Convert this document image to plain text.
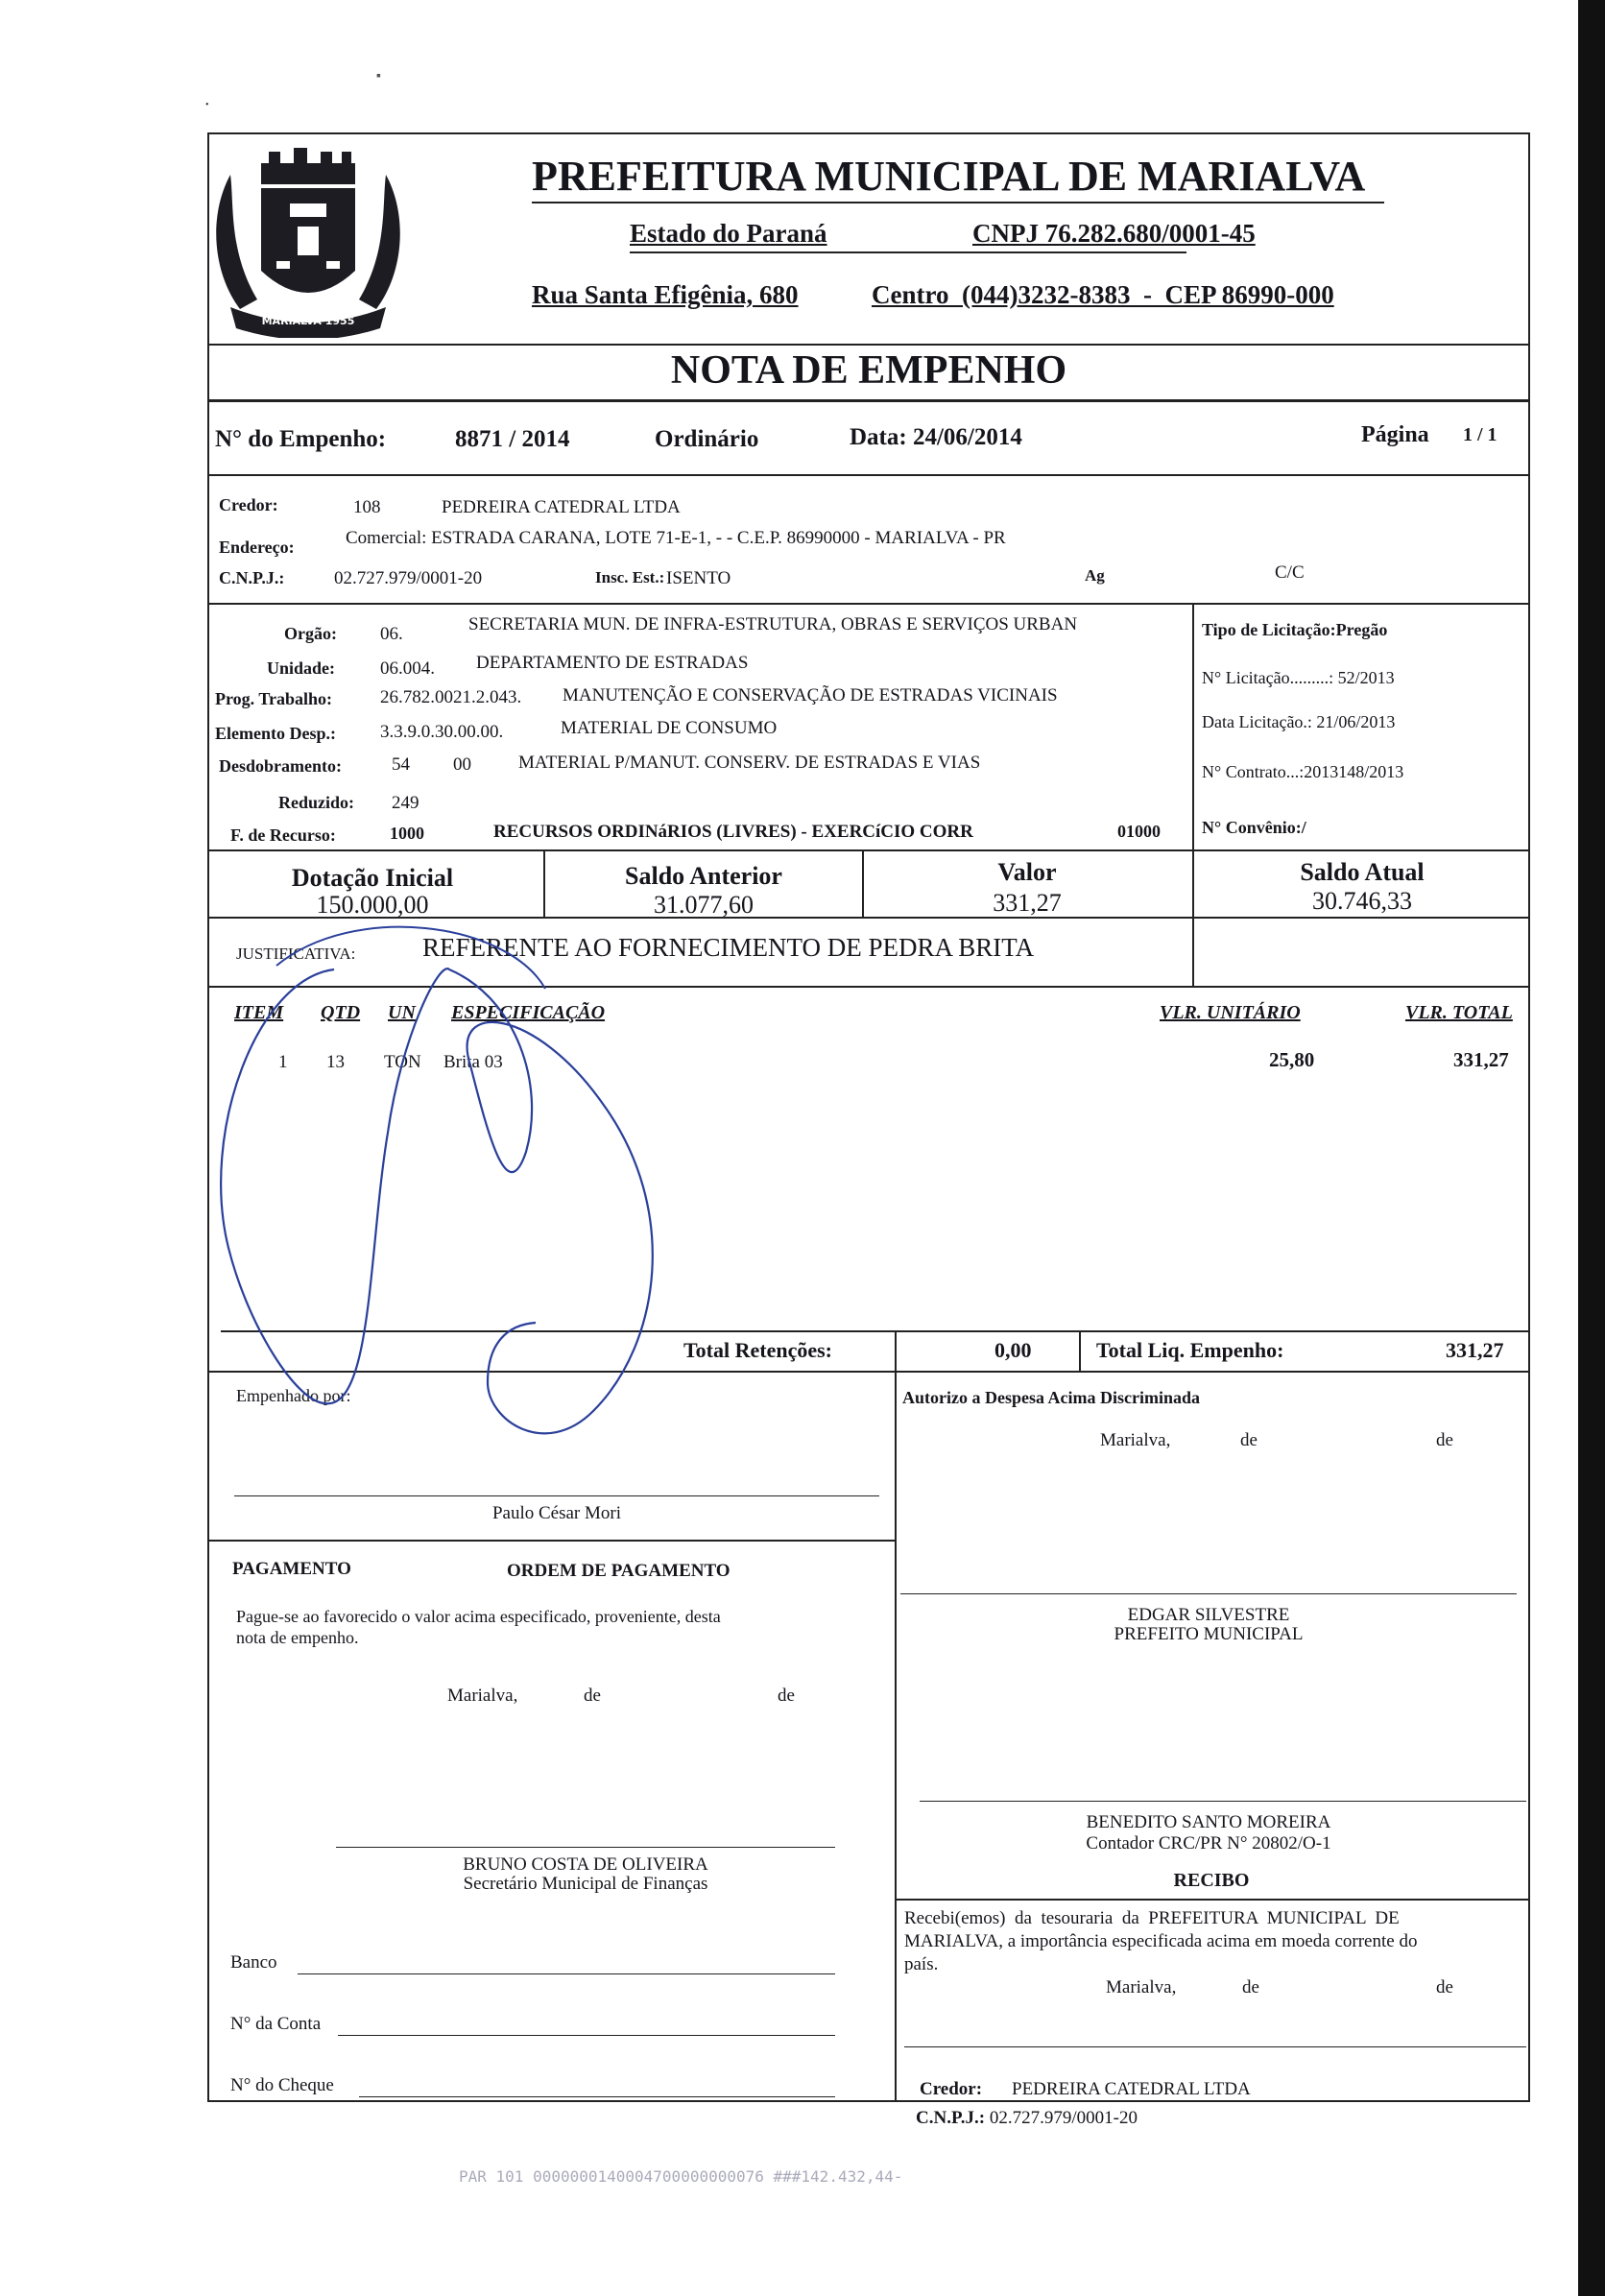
MARIALVA 1955
PREFEITURA MUNICIPAL DE MARIALVA
Estado do Paraná	CNPJ 76.282.680/0001-45
Rua Santa Efigênia, 680	Centro  (044)3232-8383  -  CEP 86990-000
NOTA DE EMPENHO
N° do Empenho:	8871 / 2014	Ordinário	Data: 24/06/2014	Página 1 / 1
Credor:	108	PEDREIRA CATEDRAL LTDA
Endereço:	Comercial: ESTRADA CARANA, LOTE 71-E-1, - - C.E.P. 86990000 - MARIALVA - PR
C.N.P.J.:	02.727.979/0001-20	Insc. Est.: ISENTO	Ag	C/C
Orgão: 06.	SECRETARIA MUN. DE INFRA-ESTRUTURA, OBRAS E SERVIÇOS URBAN
Unidade: 06.004. DEPARTAMENTO DE ESTRADAS
Prog. Trabalho:	26.782.0021.2.043. MANUTENÇÃO E CONSERVAÇÃO DE ESTRADAS VICINAIS
Elemento Desp.: 3.3.9.0.30.00.00.	MATERIAL DE CONSUMO
Desdobramento:	54 00	MATERIAL P/MANUT. CONSERV. DE ESTRADAS E VIAS
Reduzido: 249
F. de Recurso:	1000	RECURSOS ORDINáRIOS (LIVRES) - EXERCíCIO CORR	01000
Tipo de Licitação:Pregão
N° Licitação.........: 52/2013
Data Licitação.: 21/06/2013
N° Contrato...:2013148/2013
N° Convênio:/
Dotação Inicial
150.000,00
Saldo Anterior
31.077,60
Valor
331,27
Saldo Atual
30.746,33
JUSTIFICATIVA:	REFERENTE AO FORNECIMENTO DE PEDRA BRITA
ITEM QTD UN ESPECIFICAÇÃO	VLR. UNITÁRIO	VLR. TOTAL
1 13 TON Brita 03	25,80	331,27
Total Retenções:	0,00	Total Liq. Empenho:	331,27
Empenhado por:
Paulo César Mori
Autorizo a Despesa Acima Discriminada
Marialva,	de	de
PAGAMENTO	ORDEM DE PAGAMENTO
Pague-se ao favorecido o valor acima especificado, proveniente, desta
nota de empenho.
Marialva,	de	de
EDGAR SILVESTRE
PREFEITO MUNICIPAL
BENEDITO SANTO MOREIRA
Contador CRC/PR N° 20802/O-1
BRUNO COSTA DE OLIVEIRA
Secretário Municipal de Finanças	RECIBO
Recebi(emos)  da  tesouraria  da  PREFEITURA  MUNICIPAL  DE
MARIALVA, a importância especificada acima em moeda corrente do
país.
Marialva,	de	de
Banco
N° da Conta
N° do Cheque	Credor: PEDREIRA CATEDRAL LTDA
▪
•
PAR 101 0000000140004700000000076 ###142.432,44-
C.N.P.J.: 02.727.979/0001-20
